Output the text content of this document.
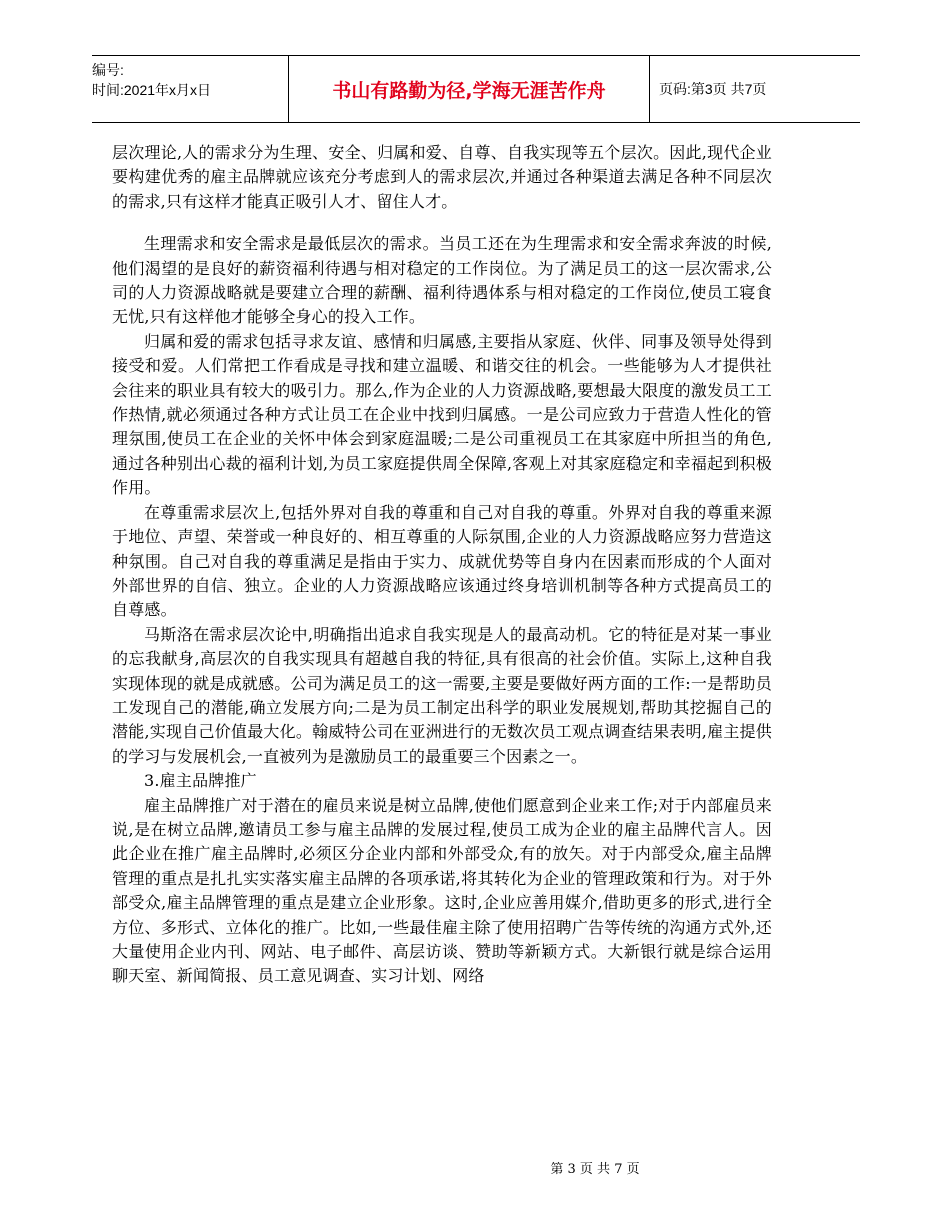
编号:
时间:2021年x月x日	书山有路勤为径,学海无涯苦作舟	页码:第3页 共7页

层次理论,人的需求分为生理、安全、归属和爱、自尊、自我实现等五个层次。因此,现代企业要构建优秀的雇主品牌就应该充分考虑到人的需求层次,并通过各种渠道去满足各种不同层次的需求,只有这样才能真正吸引人才、留住人才。

生理需求和安全需求是最低层次的需求。当员工还在为生理需求和安全需求奔波的时候,他们渴望的是良好的薪资福利待遇与相对稳定的工作岗位。为了满足员工的这一层次需求,公司的人力资源战略就是要建立合理的薪酬、福利待遇体系与相对稳定的工作岗位,使员工寝食无忧,只有这样他才能够全身心的投入工作。

归属和爱的需求包括寻求友谊、感情和归属感,主要指从家庭、伙伴、同事及领导处得到接受和爱。人们常把工作看成是寻找和建立温暖、和谐交往的机会。一些能够为人才提供社会往来的职业具有较大的吸引力。那么,作为企业的人力资源战略,要想最大限度的激发员工工作热情,就必须通过各种方式让员工在企业中找到归属感。一是公司应致力于营造人性化的管理氛围,使员工在企业的关怀中体会到家庭温暖;二是公司重视员工在其家庭中所担当的角色,通过各种别出心裁的福利计划,为员工家庭提供周全保障,客观上对其家庭稳定和幸福起到积极作用。

在尊重需求层次上,包括外界对自我的尊重和自己对自我的尊重。外界对自我的尊重来源于地位、声望、荣誉或一种良好的、相互尊重的人际氛围,企业的人力资源战略应努力营造这种氛围。自己对自我的尊重满足是指由于实力、成就优势等自身内在因素而形成的个人面对外部世界的自信、独立。企业的人力资源战略应该通过终身培训机制等各种方式提高员工的自尊感。

马斯洛在需求层次论中,明确指出追求自我实现是人的最高动机。它的特征是对某一事业的忘我献身,高层次的自我实现具有超越自我的特征,具有很高的社会价值。实际上,这种自我实现体现的就是成就感。公司为满足员工的这一需要,主要是要做好两方面的工作:一是帮助员工发现自己的潜能,确立发展方向;二是为员工制定出科学的职业发展规划,帮助其挖掘自己的潜能,实现自己价值最大化。翰威特公司在亚洲进行的无数次员工观点调查结果表明,雇主提供的学习与发展机会,一直被列为是激励员工的最重要三个因素之一。

3.雇主品牌推广

雇主品牌推广对于潜在的雇员来说是树立品牌,使他们愿意到企业来工作;对于内部雇员来说,是在树立品牌,邀请员工参与雇主品牌的发展过程,使员工成为企业的雇主品牌代言人。因此企业在推广雇主品牌时,必须区分企业内部和外部受众,有的放矢。对于内部受众,雇主品牌管理的重点是扎扎实实落实雇主品牌的各项承诺,将其转化为企业的管理政策和行为。对于外部受众,雇主品牌管理的重点是建立企业形象。这时,企业应善用媒介,借助更多的形式,进行全方位、多形式、立体化的推广。比如,一些最佳雇主除了使用招聘广告等传统的沟通方式外,还大量使用企业内刊、网站、电子邮件、高层访谈、赞助等新颖方式。大新银行就是综合运用聊天室、新闻简报、员工意见调查、实习计划、网络

第 3 页 共 7 页
